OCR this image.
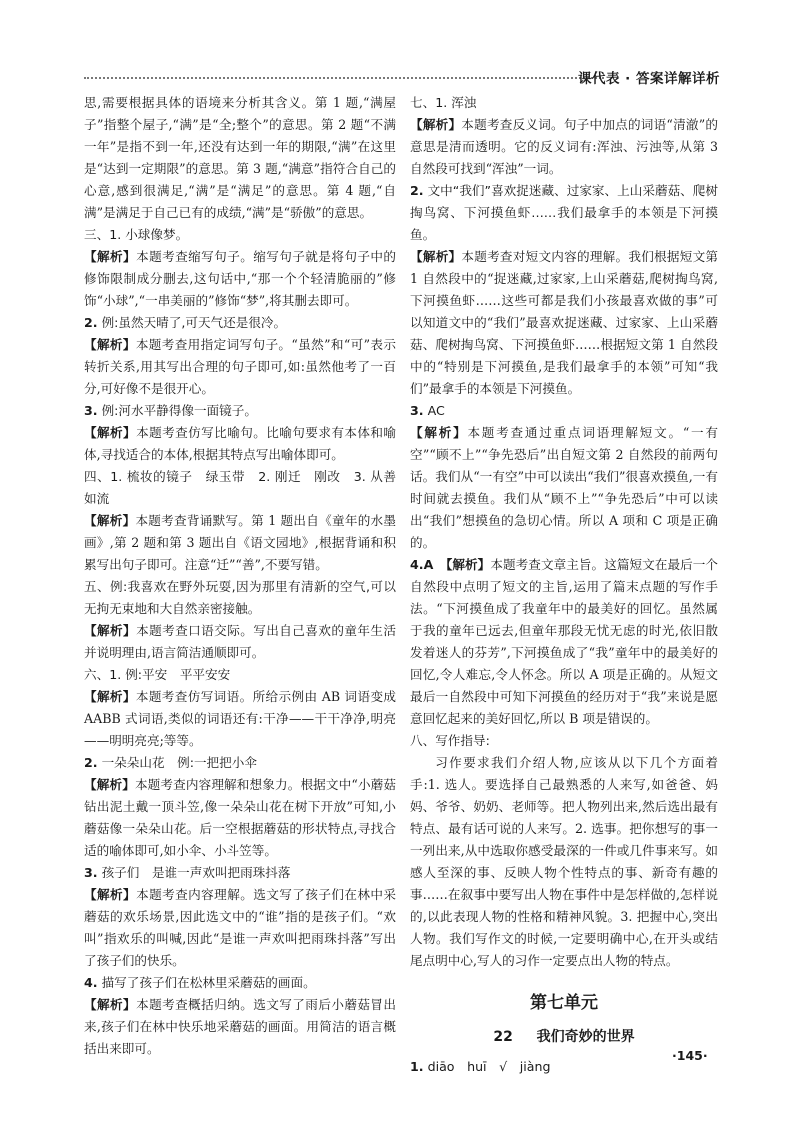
课代表 · 答案详解详析

思,需要根据具体的语境来分析其含义。第 1 题,“满屋子”指整个屋子,“满”是“全;整个”的意思。第 2 题“不满一年”是指不到一年,还没有达到一年的期限,“满”在这里是“达到一定期限”的意思。第 3 题,“满意”指符合自己的心意,感到很满足,“满”是“满足”的意思。第 4 题,“自满”是满足于自己已有的成绩,“满”是“骄傲”的意思。

三、1. 小球像梦。

【解析】本题考查缩写句子。缩写句子就是将句子中的修饰限制成分删去,这句话中,“那一个个轻清脆丽的”修饰“小球”,“一串美丽的”修饰“梦”,将其删去即可。

2. 例:虽然天晴了,可天气还是很冷。

【解析】本题考查用指定词写句子。“虽然”和“可”表示转折关系,用其写出合理的句子即可,如:虽然他考了一百分,可好像不是很开心。

3. 例:河水平静得像一面镜子。

【解析】本题考查仿写比喻句。比喻句要求有本体和喻体,寻找适合的本体,根据其特点写出喻体即可。

四、1. 梳妆的镜子　绿玉带　2. 刚迁　刚改　3. 从善如流

【解析】本题考查背诵默写。第 1 题出自《童年的水墨画》,第 2 题和第 3 题出自《语文园地》,根据背诵和积累写出句子即可。注意“迁”“善”,不要写错。

五、例:我喜欢在野外玩耍,因为那里有清新的空气,可以无拘无束地和大自然亲密接触。

【解析】本题考查口语交际。写出自己喜欢的童年生活并说明理由,语言简洁通顺即可。

六、1. 例:平安　平平安安

【解析】本题考查仿写词语。所给示例由 AB 词语变成 AABB 式词语,类似的词语还有:干净——干干净净,明亮——明明亮亮;等等。

2. 一朵朵山花　例:一把把小伞

【解析】本题考查内容理解和想象力。根据文中“小蘑菇钻出泥土戴一顶斗笠,像一朵朵山花在树下开放”可知,小蘑菇像一朵朵山花。后一空根据蘑菇的形状特点,寻找合适的喻体即可,如小伞、小斗笠等。

3. 孩子们　是谁一声欢叫把雨珠抖落

【解析】本题考查内容理解。选文写了孩子们在林中采蘑菇的欢乐场景,因此选文中的“谁”指的是孩子们。“欢叫”指欢乐的叫喊,因此“是谁一声欢叫把雨珠抖落”写出了孩子们的快乐。

4. 描写了孩子们在松林里采蘑菇的画面。

【解析】本题考查概括归纳。选文写了雨后小蘑菇冒出来,孩子们在林中快乐地采蘑菇的画面。用简洁的语言概括出来即可。

七、1. 浑浊

【解析】本题考查反义词。句子中加点的词语“清澈”的意思是清而透明。它的反义词有:浑浊、污浊等,从第 3 自然段可找到“浑浊”一词。

2. 文中“我们”喜欢捉迷藏、过家家、上山采蘑菇、爬树掏鸟窝、下河摸鱼虾……我们最拿手的本领是下河摸鱼。

【解析】本题考查对短文内容的理解。我们根据短文第 1 自然段中的“捉迷藏,过家家,上山采蘑菇,爬树掏鸟窝,下河摸鱼虾……这些可都是我们小孩最喜欢做的事”可以知道文中的“我们”最喜欢捉迷藏、过家家、上山采蘑菇、爬树掏鸟窝、下河摸鱼虾……根据短文第 1 自然段中的“特别是下河摸鱼,是我们最拿手的本领”可知“我们”最拿手的本领是下河摸鱼。

3. AC

【解析】本题考查通过重点词语理解短文。“一有空”“顾不上”“争先恐后”出自短文第 2 自然段的前两句话。我们从“一有空”中可以读出“我们”很喜欢摸鱼,一有时间就去摸鱼。我们从“顾不上”“争先恐后”中可以读出“我们”想摸鱼的急切心情。所以 A 项和 C 项是正确的。

4.A　【解析】本题考查文章主旨。这篇短文在最后一个自然段中点明了短文的主旨,运用了篇末点题的写作手法。“下河摸鱼成了我童年中的最美好的回忆。虽然属于我的童年已远去,但童年那段无忧无虑的时光,依旧散发着迷人的芬芳”,下河摸鱼成了“我”童年中的最美好的回忆,令人难忘,令人怀念。所以 A 项是正确的。从短文最后一自然段中可知下河摸鱼的经历对于“我”来说是愿意回忆起来的美好回忆,所以 B 项是错误的。

八、写作指导:

习作要求我们介绍人物,应该从以下几个方面着手:1. 选人。要选择自己最熟悉的人来写,如爸爸、妈妈、爷爷、奶奶、老师等。把人物列出来,然后选出最有特点、最有话可说的人来写。2. 选事。把你想写的事一一列出来,从中选取你感受最深的一件或几件事来写。如感人至深的事、反映人物个性特点的事、新奇有趣的事……在叙事中要写出人物在事件中是怎样做的,怎样说的,以此表现人物的性格和精神风貌。3. 把握中心,突出人物。我们写作文的时候,一定要明确中心,在开头或结尾点明中心,写人的习作一定要点出人物的特点。

第七单元
22 我们奇妙的世界

1. diāo　huī　√　jiàng

·145·
